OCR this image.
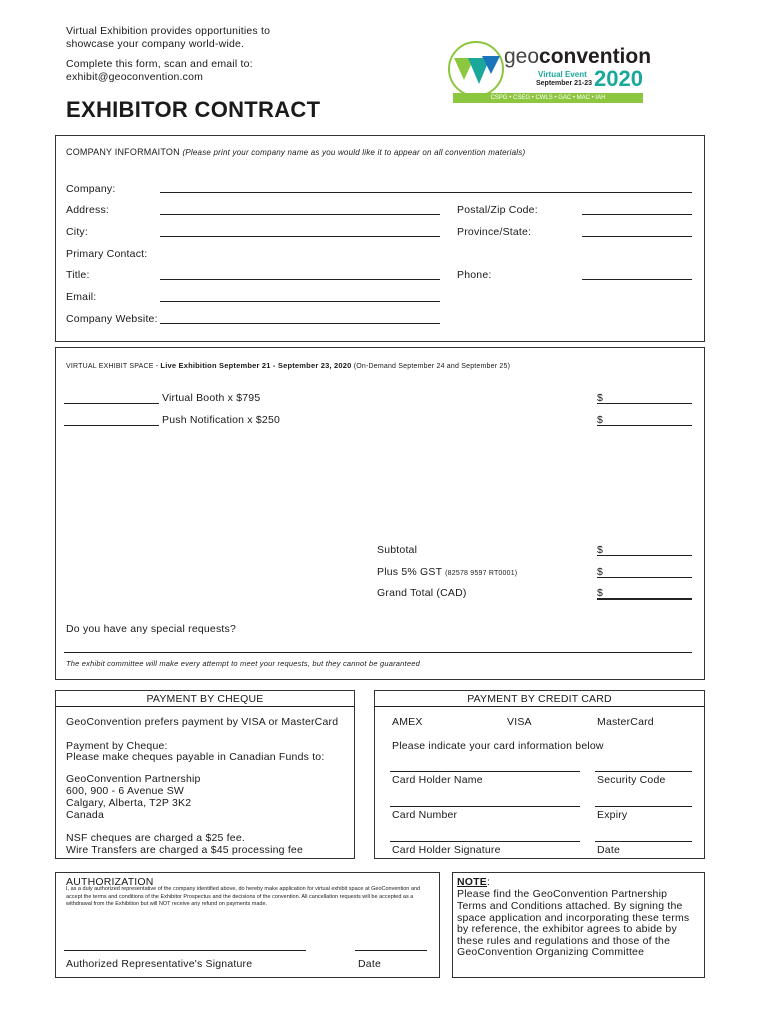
Virtual Exhibition provides opportunities to
showcase your company world-wide.
Complete this form, scan and email to:
exhibit@geoconvention.com
EXHIBITOR CONTRACT
geoconvention
Virtual Event
September 21-23 2020
CSPG • CSEG • CWLS • GAC • MAC • IAH
COMPANY INFORMAITON (Please print your company name as you would like it to appear on all convention materials)
Company:
Address:	Postal/Zip Code:
City:	Province/State:
Primary Contact:
Title:	Phone:
Email:
Company Website:
VIRTUAL EXHIBIT SPACE - Live Exhibition September 21 - September 23, 2020 (On-Demand September 24 and September 25)
Virtual Booth x $795	$
Push Notification x $250	$
Subtotal	$
Plus 5% GST (82578 9597 RT0001)	$
Grand Total (CAD)	$
Do you have any special requests?
The exhibit committee will make every attempt to meet your requests, but they cannot be guaranteed
PAYMENT BY CHEQUE
GeoConvention prefers payment by VISA or MasterCard
Payment by Cheque:
Please make cheques payable in Canadian Funds to:
GeoConvention Partnership
600, 900 - 6 Avenue SW
Calgary, Alberta, T2P 3K2
Canada
NSF cheques are charged a $25 fee.
Wire Transfers are charged a $45 processing fee
PAYMENT BY CREDIT CARD
AMEX	VISA	MasterCard
Please indicate your card information below
Card Holder Name	Security Code
Card Number	Expiry
Card Holder Signature	Date
AUTHORIZATION
I, as a duly authorized representative of the company identified above, do hereby make application for virtual exhibit space at GeoConvention and accept the terms and conditions of the Exhibitor Prospectus and the decisions of the convention. All cancellation requests will be accepted as a withdrawal from the Exhibition but will NOT receive any refund on payments made.
Authorized Representative's Signature	Date
NOTE:
Please find the GeoConvention Partnership
Terms and Conditions attached. By signing the
space application and incorporating these terms
by reference, the exhibitor agrees to abide by
these rules and regulations and those of the
GeoConvention Organizing Committee
